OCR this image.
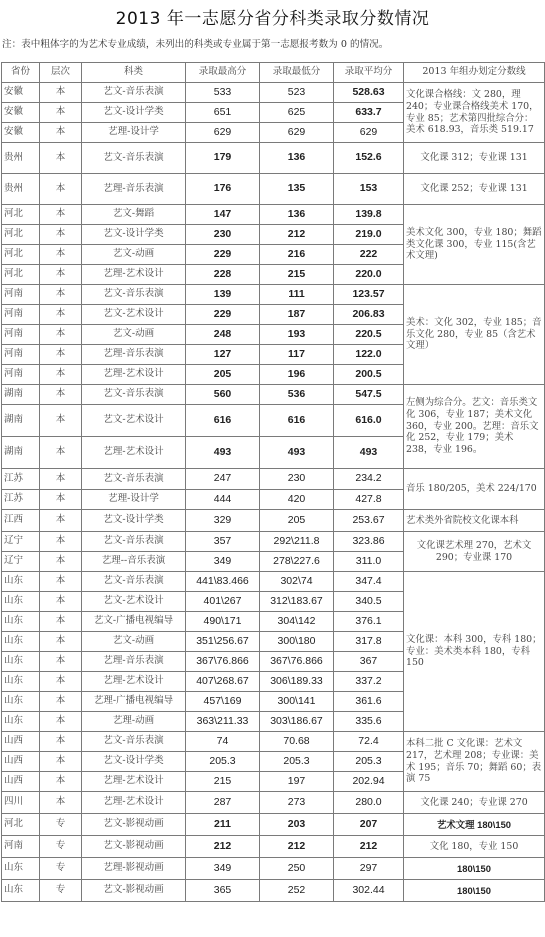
2013 年一志愿分省分科类录取分数情况
注：表中粗体字的为艺术专业成绩，未列出的科类或专业属于第一志愿报考数为 0 的情况。
省份	层次	科类	录取最高分	录取最低分	录取平均分	2013 年组办划定分数线
安徽	本	艺文-音乐表演	533	523	528.63	文化课合格线：文 280，理 240；专业课合格线美术 170，专业 85；艺术第四批综合分：美术 618.93，音乐类 519.17
安徽	本	艺文-设计学类	651	625	633.7	
安徽	本	艺理-设计学	629	629	629	
贵州	本	艺文-音乐表演	179	136	152.6	文化课 312；专业课 131
贵州	本	艺理-音乐表演	176	135	153	文化课 252；专业课 131
河北	本	艺文-舞蹈	147	136	139.8	美术文化 300，专业 180；舞蹈类文化课 300，专业 115(含艺术文理)
河北	本	艺文-设计学类	230	212	219.0	
河北	本	艺文-动画	229	216	222	
河北	本	艺理-艺术设计	228	215	220.0	
河南	本	艺文-音乐表演	139	111	123.57	美术：文化 302，专业 185；音乐文化 280，专业 85（含艺术文理）
河南	本	艺文-艺术设计	229	187	206.83	
河南	本	艺文-动画	248	193	220.5	
河南	本	艺理-音乐表演	127	117	122.0	
河南	本	艺理-艺术设计	205	196	200.5	
湖南	本	艺文-音乐表演	560	536	547.5	左侧为综合分。艺文：音乐类文化 306，专业 187；美术文化 360，专业 200。艺理：音乐文化 252，专业 179；美术 238，专业 196。
湖南	本	艺文-艺术设计	616	616	616.0	
湖南	本	艺理-艺术设计	493	493	493	
江苏	本	艺文-音乐表演	247	230	234.2	音乐 180/205，美术 224/170
江苏	本	艺理-设计学	444	420	427.8	
江西	本	艺文-设计学类	329	205	253.67	艺术类外省院校文化课本科
辽宁	本	艺文-音乐表演	357	292\211.8	323.86	文化课艺术理 270，艺术文 290；专业课 170
辽宁	本	艺理--音乐表演	349	278\227.6	311.0	
山东	本	艺文-音乐表演	441\83.466	302\74	347.4	文化课：本科 300，专科 180；专业：美术类本科 180，专科 150
山东	本	艺文-艺术设计	401\267	312\183.67	340.5	
山东	本	艺文-广播电视编导	490\171	304\142	376.1	
山东	本	艺文-动画	351\256.67	300\180	317.8	
山东	本	艺理-音乐表演	367\76.866	367\76.866	367	
山东	本	艺理-艺术设计	407\268.67	306\189.33	337.2	
山东	本	艺理-广播电视编导	457\169	300\141	361.6	
山东	本	艺理-动画	363\211.33	303\186.67	335.6	
山西	本	艺文-音乐表演	74	70.68	72.4	本科二批 C 文化课：艺术文 217，艺术理 208；专业课：美术 195；音乐 70；舞蹈 60；表演 75
山西	本	艺文-设计学类	205.3	205.3	205.3	
山西	本	艺理-艺术设计	215	197	202.94	
四川	本	艺理-艺术设计	287	273	280.0	文化课 240；专业课 270
河北	专	艺文-影视动画	211	203	207	艺术文理 180\150
河南	专	艺文-影视动画	212	212	212	文化 180，专业 150
山东	专	艺理-影视动画	349	250	297	180\150
山东	专	艺文-影视动画	365	252	302.44	180\150
